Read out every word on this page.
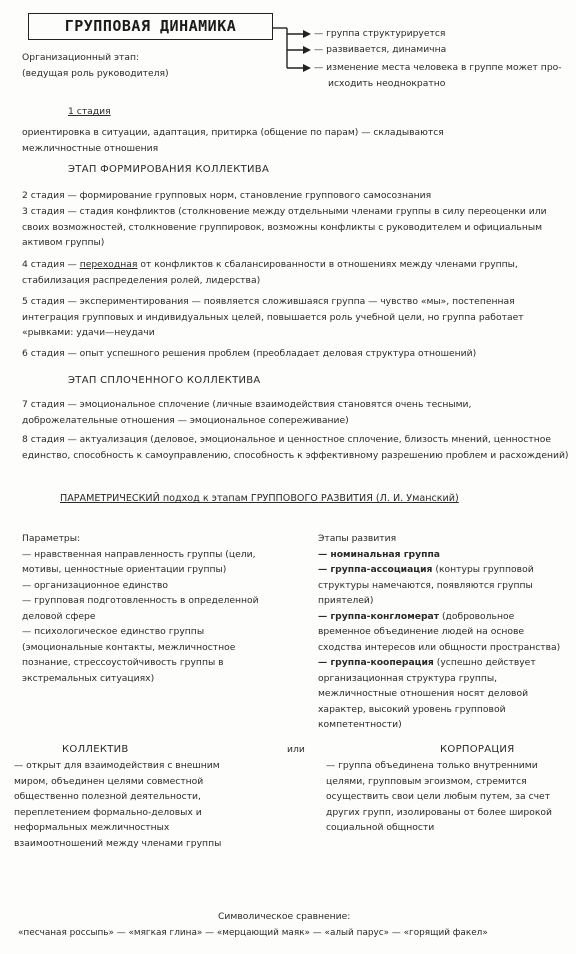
ГРУППОВАЯ ДИНАМИКА	— группа структурируется
— развивается, динамична
— изменение места человека в группе может про-
исходить неоднократно
Организационный этап:
(ведущая роль руководителя)
1 стадия
ориентировка в ситуации, адаптация, притирка (общение по парам) — складываются межличностные отношения
ЭТАП ФОРМИРОВАНИЯ КОЛЛЕКТИВА
2 стадия — формирование групповых норм, становление группового самосознания
3 стадия — стадия конфликтов (столкновение между отдельными членами группы в силу переоценки или своих возможностей, столкновение группировок, возможны конфликты с руководителем и официальным активом группы)
4 стадия — переходная от конфликтов к сбалансированности в отношениях между членами группы, стабилизация распределения ролей, лидерства)
5 стадия — экспериментирования — появляется сложившаяся группа — чувство «мы», постепенная интеграция групповых и индивидуальных целей, повышается роль учебной цели, но группа работает «рывками: удачи—неудачи
6 стадия — опыт успешного решения проблем (преобладает деловая структура отношений)
ЭТАП СПЛОЧЕННОГО КОЛЛЕКТИВА
7 стадия — эмоциональное сплочение (личные взаимодействия становятся очень тесными, доброжелательные отношения — эмоциональное сопереживание)
8 стадия — актуализация (деловое, эмоциональное и ценностное сплочение, близость мнений, ценностное единство, способность к самоуправлению, способность к эффективному разрешению проблем и расхождений)
ПАРАМЕТРИЧЕСКИЙ подход к этапам ГРУППОВОГО РАЗВИТИЯ (Л. И. Уманский)
Параметры:
— нравственная направленность группы (цели, мотивы, ценностные ориентации группы)
— организационное единство
— групповая подготовленность в определенной деловой сфере
— психологическое единство группы (эмоциональные контакты, межличностное познание, стрессоустойчивость группы в экстремальных ситуациях)
Этапы развития
— номинальная группа
— группа-ассоциация (контуры групповой структуры намечаются, появляются группы приятелей)
— группа-конгломерат (добровольное временное объединение людей на основе сходства интересов или общности пространства)
— группа-кооперация (успешно действует организационная структура группы, межличностные отношения носят деловой характер, высокий уровень групповой компетентности)
КОЛЛЕКТИВ
— открыт для взаимодействия с внешним миром, объединен целями совместной общественно полезной деятельности, переплетением формально-деловых и неформальных межличностных взаимоотношений между членами группы
или	КОРПОРАЦИЯ
— группа объединена только внутренними целями, групповым эгоизмом, стремится осуществить свои цели любым путем, за счет других групп, изолированы от более широкой социальной общности
Символическое сравнение:
«песчаная россыпь» — «мягкая глина» — «мерцающий маяк» — «алый парус» — «горящий факел»
